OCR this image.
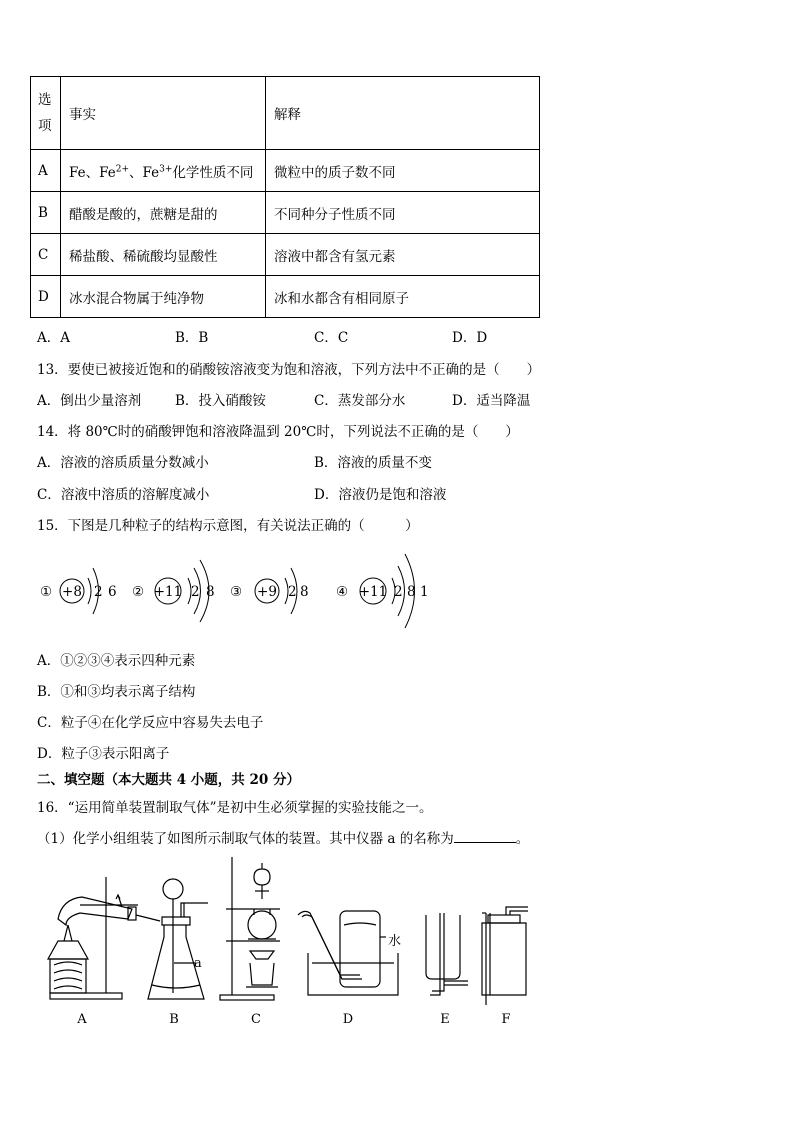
选
项	事实	解释
A	Fe、$Fe^{2+}$、$Fe^{3+}$化学性质不同	微粒中的质子数不同
B	醋酸是酸的，蔗糖是甜的	不同种分子性质不同
C	稀盐酸、稀硫酸均显酸性	溶液中都含有氢元素
D	冰水混合物属于纯净物	冰和水都含有相同原子
A．A	B．B	C．C	D．D
13．要使已被接近饱和的硝酸铵溶液变为饱和溶液，下列方法中不正确的是（　　）
A．倒出少量溶剂	B．投入硝酸铵	C．蒸发部分水	D．适当降温
14．将 80℃时的硝酸钾饱和溶液降温到 20℃时，下列说法不正确的是（　　）
A．溶液的溶质质量分数减小	B．溶液的质量不变
C．溶液中溶质的溶解度减小	D．溶液仍是饱和溶液
15．下图是几种粒子的结构示意图，有关说法正确的（　　　）
① +8 2 6 ② +11 2 8 ③ +9 2 8 ④ +11 2 8 1
A．①②③④表示四种元素
B．①和③均表示离子结构
C．粒子④在化学反应中容易失去电子
D．粒子③表示阳离子
二、填空题（本大题共 4 小题，共 20 分）
16．“运用简单装置制取气体”是初中生必须掌握的实验技能之一。
（1）化学小组组装了如图所示制取气体的装置。其中仪器 a 的名称为	。
a
水
A	B	C	D	E	F
